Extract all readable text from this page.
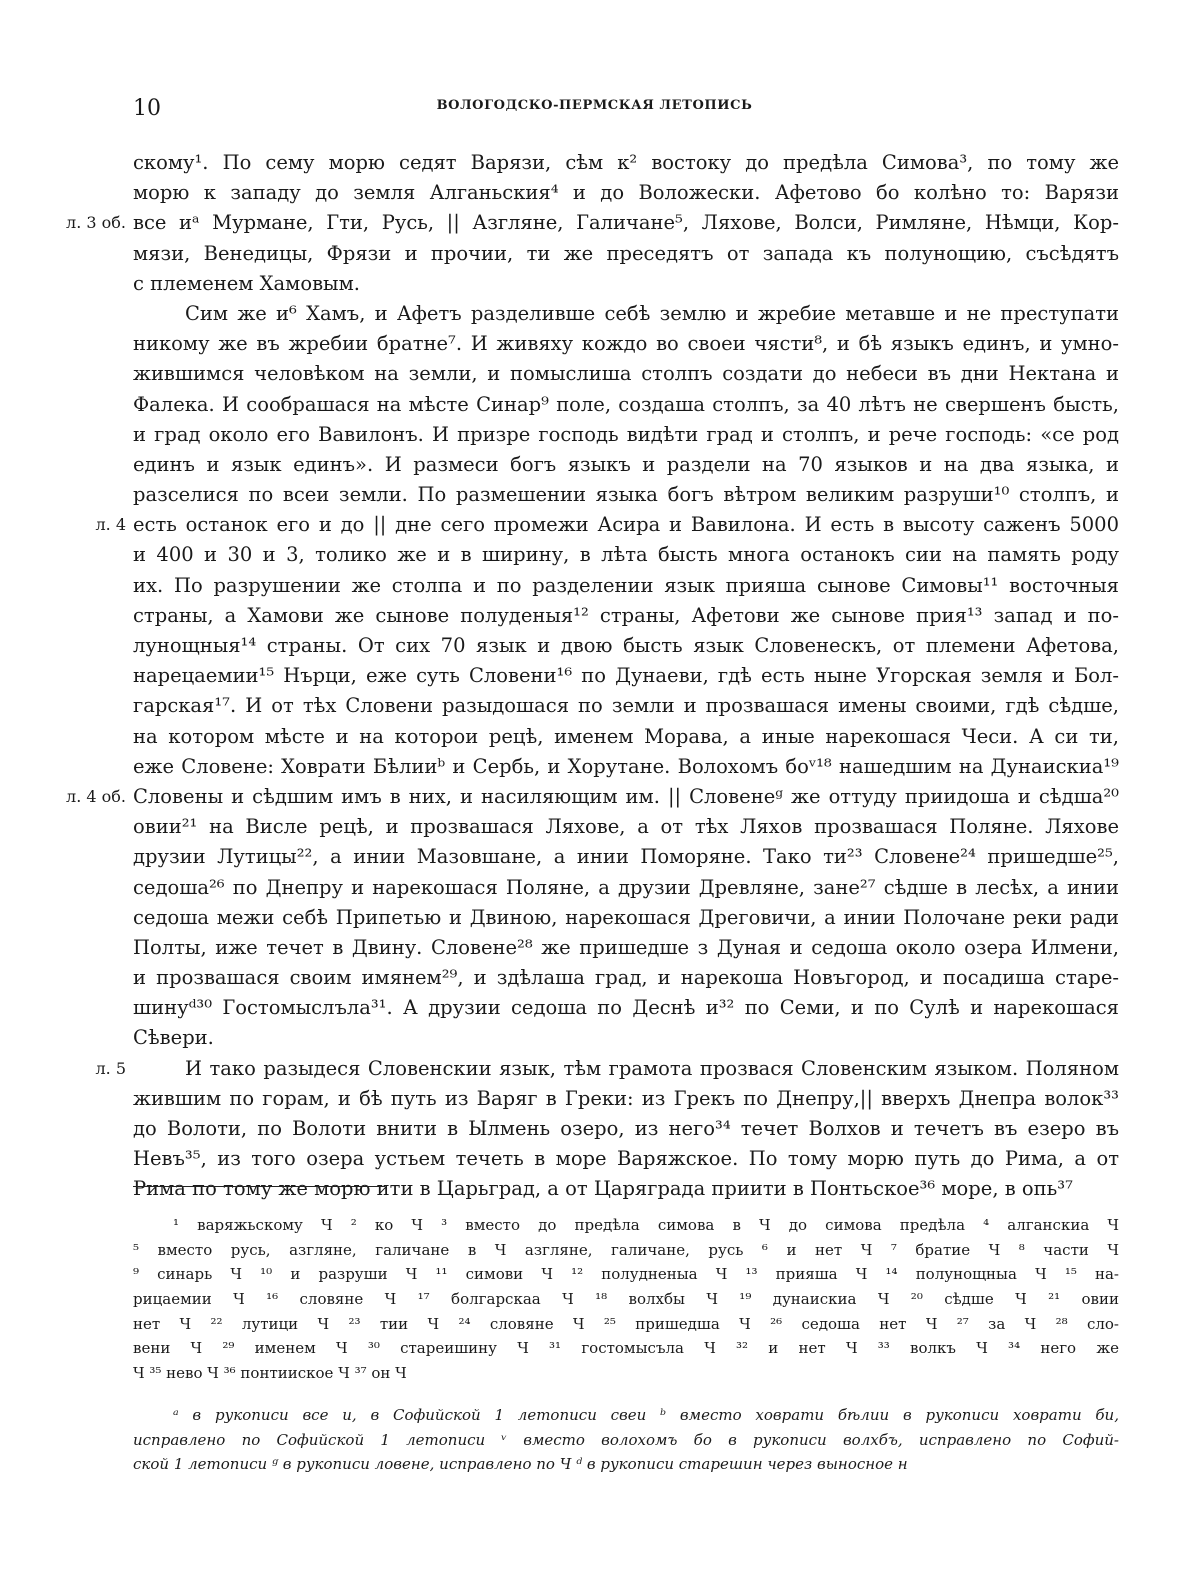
10	ВОЛОГОДСКО-ПЕРМСКАЯ ЛЕТОПИСЬ
скому¹. По сему морю седят Варязи, сѣм к² востоку до предѣла Симова³, по тому же
морю к западу до земля Алганьския⁴ и до Воложески. Афетово бо колѣно то: Варязи
все иᵃ Мурмане, Гти, Русь, || Азгляне, Галичане⁵, Ляхове, Волси, Римляне, Нѣмци, Кор-
л. 3 об.
мязи, Венедицы, Фрязи и прочии, ти же преседятъ от запада къ полунощию, съсѣдятъ
с племенем Хамовым.
Сим же и⁶ Хамъ, и Афетъ разделивше себѣ землю и жребие метавше и не преступати
никому же въ жребии братне⁷. И живяху кождо во своеи чясти⁸, и бѣ языкъ единъ, и умно-
жившимся человѣком на земли, и помыслиша столпъ создати до небеси въ дни Нектана и
Фалека. И сообрашася на мѣсте Синар⁹ поле, создаша столпъ, за 40 лѣтъ не свершенъ бысть,
и град около его Вавилонъ. И призре господь видѣти град и столпъ, и рече господь: «се род
единъ и язык единъ». И размеси богъ языкъ и раздели на 70 языков и на два языка, и
разселися по всеи земли. По размешении языка богъ вѣтром великим разруши¹⁰ столпъ, и
есть останок его и до || дне сего промежи Асира и Вавилона. И есть в высоту саженъ 5000
л. 4
и 400 и 30 и 3, толико же и в ширину, в лѣта бысть многа останокъ сии на память роду
их. По разрушении же столпа и по разделении язык прияша сынове Симовы¹¹ восточныя
страны, а Хамови же сынове полуденыя¹² страны, Афетови же сынове прия¹³ запад и по-
лунощныя¹⁴ страны. От сих 70 язык и двою бысть язык Словенескъ, от племени Афетова,
нарецаемии¹⁵ Нърци, еже суть Словени¹⁶ по Дунаеви, гдѣ есть ныне Угорская земля и Бол-
гарская¹⁷. И от тѣх Словени разыдошася по земли и прозвашася имены своими, гдѣ сѣдше,
на котором мѣсте и на которои рецѣ, именем Морава, а иные нарекошася Чеси. А си ти,
еже Словене: Ховрати Бѣлииᵇ и Сербь, и Хорутане. Волохомъ боᵛ¹⁸ нашедшим на Дунаискиа¹⁹
Словены и сѣдшим имъ в них, и насиляющим им. || Словенеᵍ же оттуду приидоша и сѣдша²⁰
л. 4 об.
овии²¹ на Висле рецѣ, и прозвашася Ляхове, а от тѣх Ляхов прозвашася Поляне. Ляхове
друзии Лутицы²², а инии Мазовшане, а инии Поморяне. Тако ти²³ Словене²⁴ пришедше²⁵,
седоша²⁶ по Днепру и нарекошася Поляне, а друзии Древляне, зане²⁷ сѣдше в лесѣх, а инии
седоша межи себѣ Припетью и Двиною, нарекошася Дреговичи, а инии Полочане реки ради
Полты, иже течет в Двину. Словене²⁸ же пришедше з Дуная и седоша около озера Илмени,
и прозвашася своим имянем²⁹, и здѣлаша град, и нарекоша Новъгород, и посадиша старе-
шинуᵈ³⁰ Гостомыслъла³¹. А друзии седоша по Деснѣ и³² по Семи, и по Сулѣ и нарекошася
Сѣвери.
И тако разыдеся Словенскии язык, тѣм грамота прозвася Словенским языком. Поляном
л. 5
жившим по горам, и бѣ путь из Варяг в Греки: из Грекъ по Днепру,|| вверхъ Днепра волок³³
до Волоти, по Волоти внити в Ылмень озеро, из него³⁴ течет Волхов и течетъ въ езеро въ
Невъ³⁵, из того озера устьем течеть в море Варяжское. По тому морю путь до Рима, а от
Рима по тому же морю ити в Царьград, а от Царяграда приити в Понтьское³⁶ море, в опь³⁷
¹ варяжьскому Ч ² ко Ч ³ вместо до предѣла симова в Ч до симова предѣла ⁴ алганскиа Ч
⁵ вместо русь, азгляне, галичане в Ч азгляне, галичане, русь ⁶ и нет Ч ⁷ братие Ч ⁸ части Ч
⁹ синарь Ч ¹⁰ и разруши Ч ¹¹ симови Ч ¹² полудненыа Ч ¹³ прияша Ч ¹⁴ полунощныа Ч ¹⁵ на-
рицаемии Ч ¹⁶ словяне Ч ¹⁷ болгарскаа Ч ¹⁸ волхбы Ч ¹⁹ дунаискиа Ч ²⁰ сѣдше Ч ²¹ овии
нет Ч ²² лутици Ч ²³ тии Ч ²⁴ словяне Ч ²⁵ пришедша Ч ²⁶ седоша нет Ч ²⁷ за Ч ²⁸ сло-
вени Ч ²⁹ именем Ч ³⁰ стареишину Ч ³¹ гостомысъла Ч ³² и нет Ч ³³ волкъ Ч ³⁴ него же
Ч ³⁵ нево Ч ³⁶ понтииское Ч ³⁷ он Ч
ᵃ в рукописи все и, в Софийской 1 летописи свеи ᵇ вместо ховрати бѣлии в рукописи ховрати би,
исправлено по Софийской 1 летописи ᵛ вместо волохомъ бо в рукописи волхбъ, исправлено по Софий-
ской 1 летописи ᵍ в рукописи ловене, исправлено по Ч ᵈ в рукописи старешин через выносное н
